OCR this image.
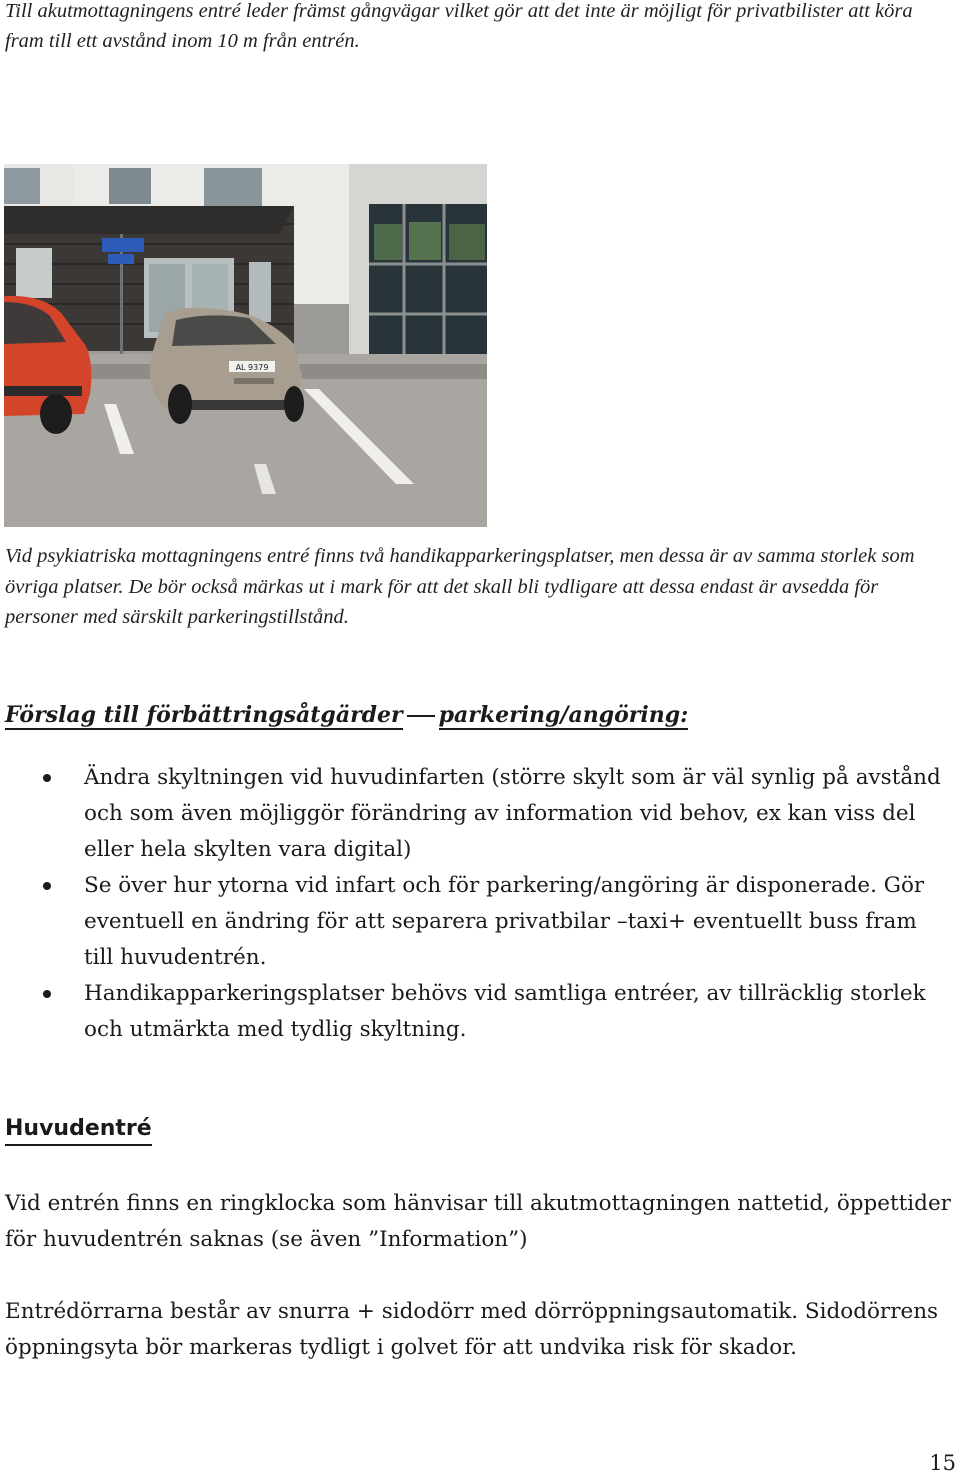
Till akutmottagningens entré leder främst gångvägar vilket gör att det inte är möjligt för privatbilister att köra fram till ett avstånd inom 10 m från entrén.

AL 9379

Vid psykiatriska mottagningens entré finns två handikapparkeringsplatser, men dessa är av samma storlek som övriga platser. De bör också märkas ut i mark för att det skall bli tydligare att dessa endast är avsedda för personer med särskilt parkeringstillstånd.

Förslag till förbättringsåtgärder parkering/angöring:
Ändra skyltningen vid huvudinfarten (större skylt som är väl synlig på avstånd och som även möjliggör förändring av information vid behov, ex kan viss del eller hela skylten vara digital)
Se över hur ytorna vid infart och för parkering/angöring är disponerade. Gör eventuell en ändring för att separera privatbilar –taxi+ eventuellt buss fram till huvudentrén.
Handikapparkeringsplatser behövs vid samtliga entréer, av tillräcklig storlek och utmärkta med tydlig skyltning.
Huvudentré

Vid entrén finns en ringklocka som hänvisar till akutmottagningen nattetid, öppettider för huvudentrén saknas (se även ”Information”)

Entrédörrarna består av snurra + sidodörr med dörröppningsautomatik. Sidodörrens öppningsyta bör markeras tydligt i golvet för att undvika risk för skador.

15
